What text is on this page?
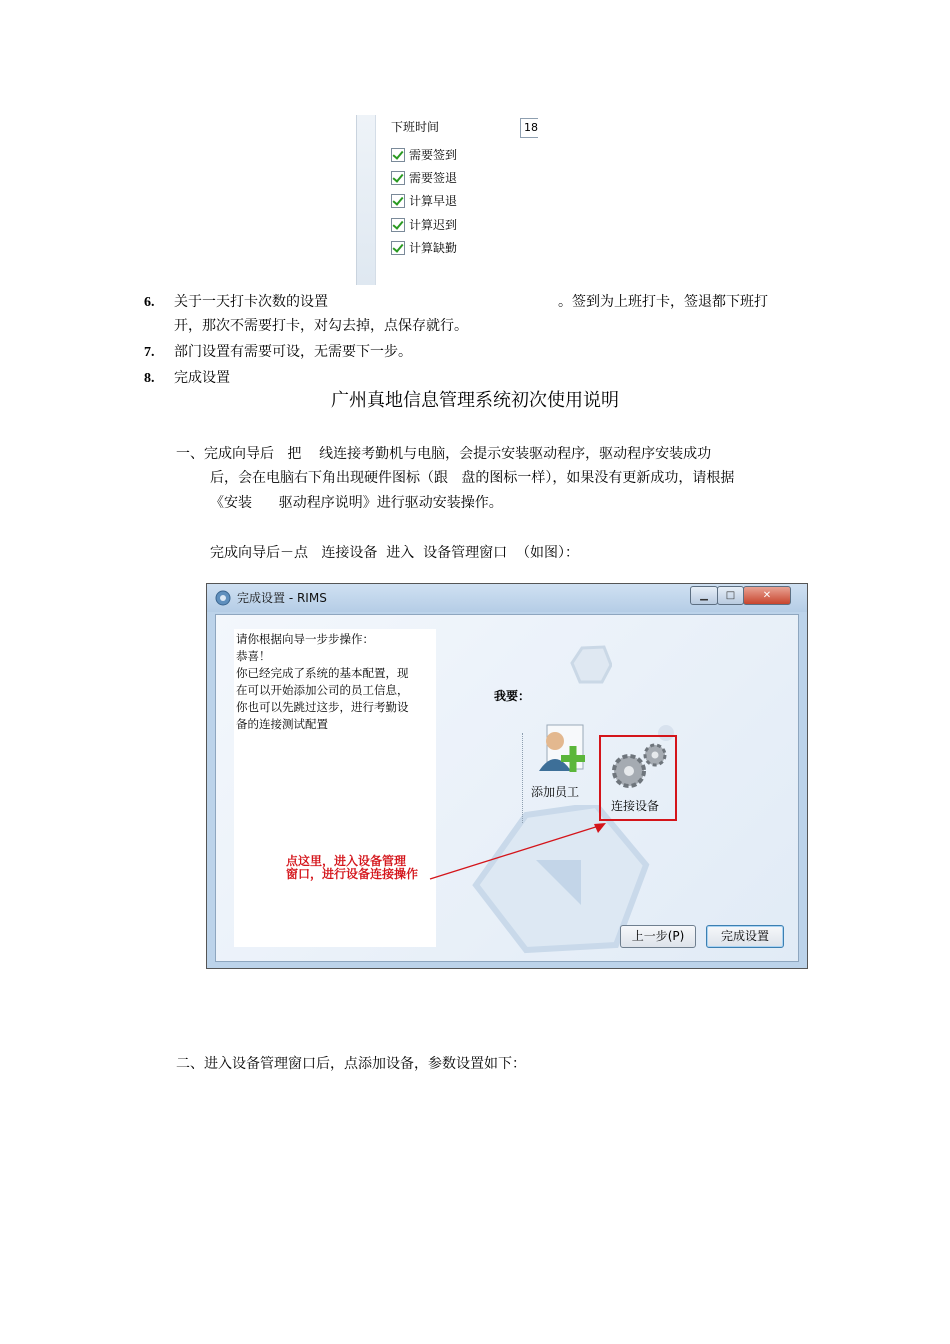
下班时间	18
需要签到
需要签退
计算早退
计算迟到
计算缺勤
6. 关于一天打卡次数的设置	。签到为上班打卡，签退都下班打
开，那次不需要打卡，对勾去掉，点保存就行。
7. 部门设置有需要可设，无需要下一步。
8. 完成设置
广州真地信息管理系统初次使用说明
一、完成向导后   把    线连接考勤机与电脑，会提示安装驱动程序，驱动程序安装成功
后，会在电脑右下角出现硬件图标（跟   盘的图标一样），如果没有更新成功，请根据
《安装      驱动程序说明》进行驱动安装操作。
完成向导后－点   连接设备  进入  设备管理窗口  （如图）：
完成设置 - RIMS	▁	□	✕
请你根据向导一步步操作：
恭喜！
你已经完成了系统的基本配置，现
在可以开始添加公司的员工信息，
你也可以先跳过这步，进行考勤设
备的连接测试配置
我要：
添加员工
连接设备
点这里，进入设备管理
窗口，进行设备连接操作
上一步(P)	完成设置
二、进入设备管理窗口后，点添加设备，参数设置如下：
